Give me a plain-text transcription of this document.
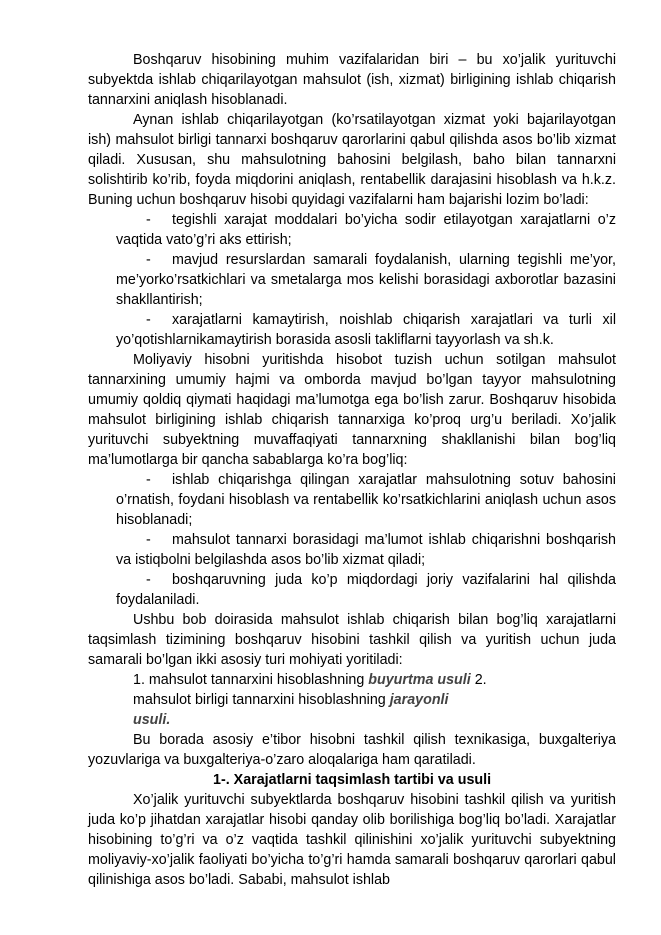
Boshqaruv hisobining muhim vazifalaridan biri – bu xo’jalik yurituvchi subyektda ishlab chiqarilayotgan mahsulot (ish, xizmat) birligining ishlab chiqarish tannarxini aniqlash hisoblanadi.

Aynan ishlab chiqarilayotgan (ko’rsatilayotgan xizmat yoki bajarilayotgan ish) mahsulot birligi tannarxi boshqaruv qarorlarini qabul qilishda asos bo’lib xizmat qiladi. Xususan, shu mahsulotning bahosini belgilash, baho bilan tannarxni solishtirib ko’rib, foyda miqdorini aniqlash, rentabellik darajasini hisoblash va h.k.z. Buning uchun boshqaruv hisobi quyidagi vazifalarni ham bajarishi lozim bo’ladi:

- tegishli xarajat moddalari bo’yicha sodir etilayotgan xarajatlarni o’z vaqtida vato’g’ri aks ettirish;

- mavjud resurslardan samarali foydalanish, ularning tegishli me’yor, me’yorko’rsatkichlari va smetalarga mos kelishi borasidagi axborotlar bazasini shakllantirish;

- xarajatlarni kamaytirish, noishlab chiqarish xarajatlari va turli xil yo’qotishlarnikamaytirish borasida asosli takliflarni tayyorlash va sh.k.

Moliyaviy hisobni yuritishda hisobot tuzish uchun sotilgan mahsulot tannarxining umumiy hajmi va omborda mavjud bo’lgan tayyor mahsulotning umumiy qoldiq qiymati haqidagi ma’lumotga ega bo’lish zarur. Boshqaruv hisobida mahsulot birligining ishlab chiqarish tannarxiga ko’proq urg’u beriladi. Xo’jalik yurituvchi subyektning muvaffaqiyati tannarxning shakllanishi bilan bog’liq ma’lumotlarga bir qancha sabablarga ko’ra bog’liq:

- ishlab chiqarishga qilingan xarajatlar mahsulotning sotuv bahosini o’rnatish, foydani hisoblash va rentabellik ko’rsatkichlarini aniqlash uchun asos hisoblanadi;

- mahsulot tannarxi borasidagi ma’lumot ishlab chiqarishni boshqarish va istiqbolni belgilashda asos bo’lib xizmat qiladi;

- boshqaruvning juda ko’p miqdordagi joriy vazifalarini hal qilishda foydalaniladi.

Ushbu bob doirasida mahsulot ishlab chiqarish bilan bog’liq xarajatlarni taqsimlash tizimining boshqaruv hisobini tashkil qilish va yuritish uchun juda samarali bo’lgan ikki asosiy turi mohiyati yoritiladi:

1. mahsulot tannarxini hisoblashning buyurtma usuli 2.

mahsulot birligi tannarxini hisoblashning jarayonli

usuli.

Bu borada asosiy e’tibor hisobni tashkil qilish texnikasiga, buxgalteriya yozuvlariga va buxgalteriya-o’zaro aloqalariga ham qaratiladi.

1-. Xarajatlarni taqsimlash tartibi va usuli

Xo’jalik yurituvchi subyektlarda boshqaruv hisobini tashkil qilish va yuritish juda ko’p jihatdan xarajatlar hisobi qanday olib borilishiga bog’liq bo’ladi. Xarajatlar hisobining to’g’ri va o’z vaqtida tashkil qilinishini xo’jalik yurituvchi subyektning moliyaviy-xo’jalik faoliyati bo’yicha to’g’ri hamda samarali boshqaruv qarorlari qabul qilinishiga asos bo’ladi. Sababi, mahsulot ishlab
